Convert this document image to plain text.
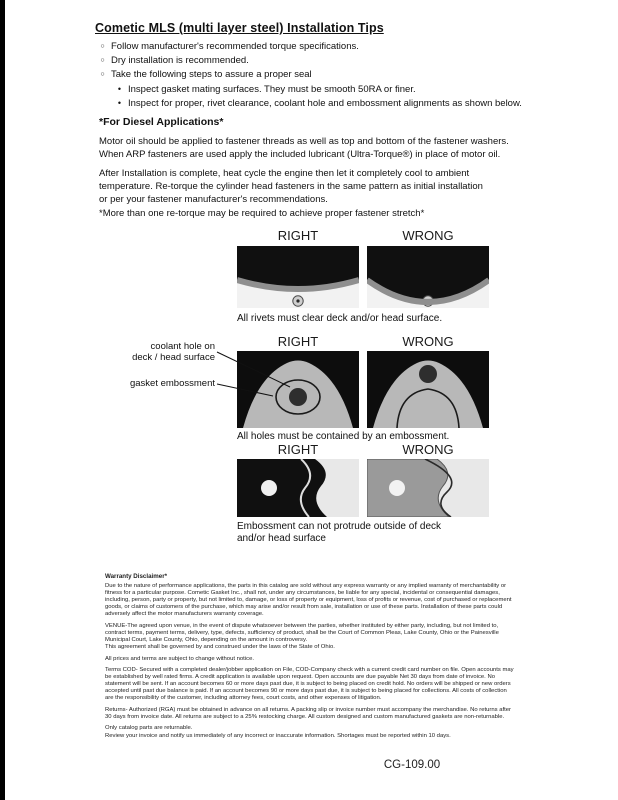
Cometic MLS (multi layer steel) Installation Tips
○ Follow manufacturer's recommended torque specifications.
○ Dry installation is recommended.
○ Take the following steps to assure a proper seal
• Inspect gasket mating surfaces. They must be smooth 50RA or finer.
• Inspect for proper, rivet clearance, coolant hole and embossment alignments as shown below.
*For Diesel Applications*
Motor oil should be applied to fastener threads as well as top and bottom of the fastener washers.
When ARP fasteners are used apply the included lubricant (Ultra-Torque®) in place of motor oil.
After Installation is complete, heat cycle the engine then let it completely cool to ambient
temperature. Re-torque the cylinder head fasteners in the same pattern as initial installation
or per your fastener manufacturer's recommendations.
*More than one re-torque may be required to achieve proper fastener stretch*
RIGHT	WRONG
All rivets must clear deck and/or head surface.
RIGHT	WRONG
coolant hole on
deck / head surface
gasket embossment
All holes must be contained by an embossment.
RIGHT	WRONG
Embossment can not protrude outside of deck
and/or head surface
Warranty Disclaimer*

Due to the nature of performance applications, the parts in this catalog are sold without any express warranty or any implied warranty of merchantability or fitness for a particular purpose. Cometic Gasket Inc., shall not, under any circumstances, be liable for any special, incidental or consequential damages, including, person, party or property, but not limited to, damage, or loss of property or equipment, loss of profits or revenue, cost of purchased or replacement goods, or claims of customers of the purchase, which may arise and/or result from sale, installation or use of these parts. Installation of these parts could adversely affect the motor manufacturers warranty coverage.

VENUE-The agreed upon venue, in the event of dispute whatsoever between the parties, whether instituted by either party, including, but not limited to, contract terms, payment terms, delivery, type, defects, sufficiency of product, shall be the Court of Common Pleas, Lake County, Ohio or the Painesville Municipal Court, Lake County, Ohio, depending on the amount in controversy.

This agreement shall be governed by and construed under the laws of the State of Ohio.

All prices and terms are subject to change without notice.

Terms COD- Secured with a completed dealer/jobber application on File, COD-Company check with a current credit card number on file. Open accounts may be established by well rated firms. A credit application is available upon request. Open accounts are due payable Net 30 days from date of invoice. No statement will be sent. If an account becomes 60 or more days past due, it is subject to being placed on credit hold. No orders will be shipped or new orders accepted until past due balance is paid. If an account becomes 90 or more days past due, it is subject to being placed for collections. All costs of collection are the responsibility of the customer, including attorney fees, court costs, and other expenses of litigation.

Returns- Authorized (RGA) must be obtained in advance on all returns. A packing slip or invoice number must accompany the merchandise. No returns after 30 days from invoice date. All returns are subject to a 25% restocking charge. All custom designed and custom manufactured gaskets are non-returnable.

Only catalog parts are returnable.

Review your invoice and notify us immediately of any incorrect or inaccurate information. Shortages must be reported within 10 days.

CG-109.00
